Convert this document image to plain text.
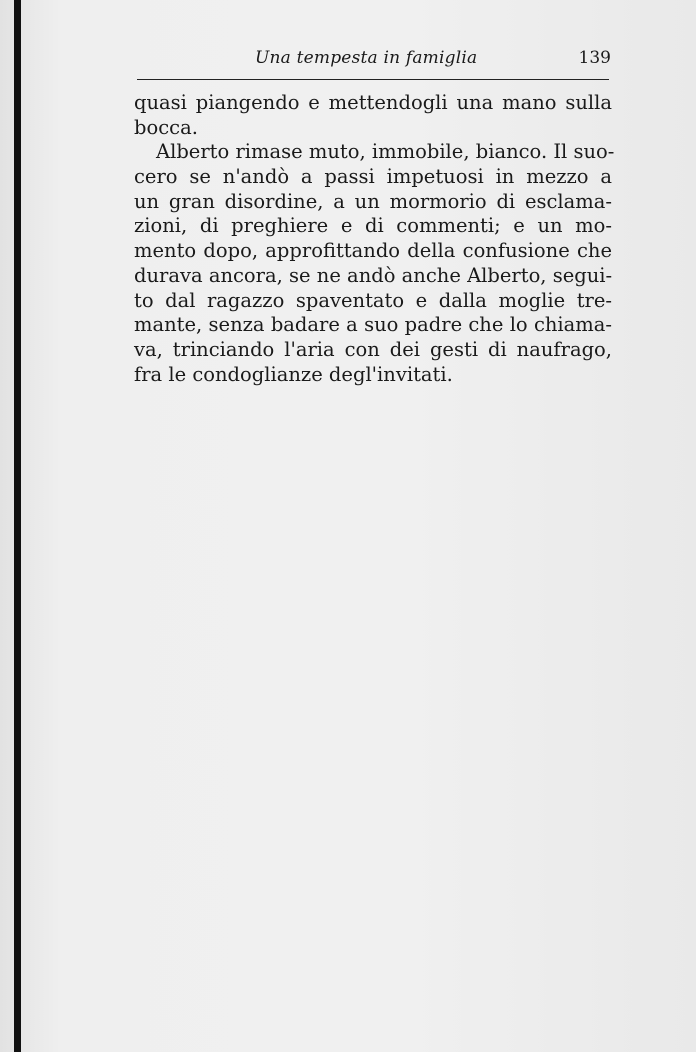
Una tempesta in famiglia	139
quasi piangendo e mettendogli una mano sulla
bocca.
Alberto rimase muto, immobile, bianco. Il suo-
cero se n'andò a passi impetuosi in mezzo a
un gran disordine, a un mormorio di esclama-
zioni, di preghiere e di commenti; e un mo-
mento dopo, approfittando della confusione che
durava ancora, se ne andò anche Alberto, segui-
to dal ragazzo spaventato e dalla moglie tre-
mante, senza badare a suo padre che lo chiama-
va, trinciando l'aria con dei gesti di naufrago,
fra le condoglianze degl'invitati.
